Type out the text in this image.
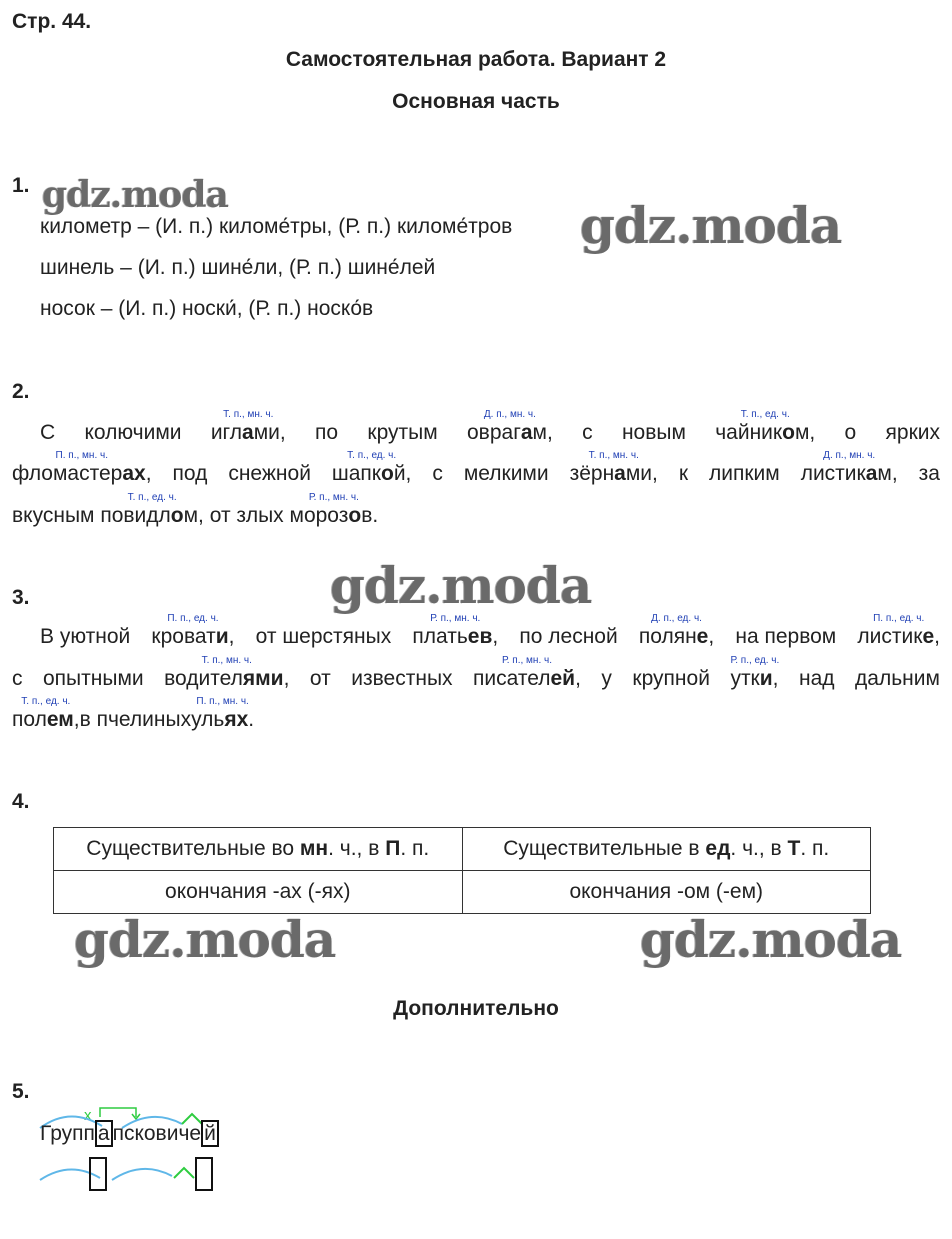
Стр. 44.
Самостоятельная работа. Вариант 2
Основная часть
gdz.moda
gdz.moda
gdz.moda
gdz.moda	gdz.moda
1.
километр – (И. п.) киломе́тры, (Р. п.) киломе́тров
шинель – (И. п.) шине́ли, (Р. п.) шине́лей
носок – (И. п.) носки́, (Р. п.) носко́в
2.
С колючими иглами,
Т. п., мн. ч.
по крутым оврагам,
Д. п., мн. ч.
с новым чайником,
Т. п., ед. ч.
о ярких
фломастерах,
П. п., мн. ч.
под снежной шапкой,
Т. п., ед. ч.
с мелкими зёрнами,
Т. п., мн. ч.
к липким листикам,
Д. п., мн. ч.
за
вкусным повидлом,
Т. п., ед. ч.
от злых морозов.
Р. п., мн. ч.
3.
В уютной кровати,
П. п., ед. ч.
от шерстяных платьев,
Р. п., мн. ч.
по лесной поляне,
Д. п., ед. ч.
на первом листике,
П. п., ед. ч.
с опытными водителями,
Т. п., мн. ч.
от известных писателей,
Р. п., мн. ч.
у крупной утки,
Р. п., ед. ч.
над дальним
полем,
Т. п., ед. ч.
в пчелиныхульях.
П. п., мн. ч.
4.
Существительные во мн. ч., в П. п.	Существительные в ед. ч., в Т. п.
окончания -ах (-ях)	окончания -ом (-ем)
Дополнительно
5.
x
Групп а псковиче й
